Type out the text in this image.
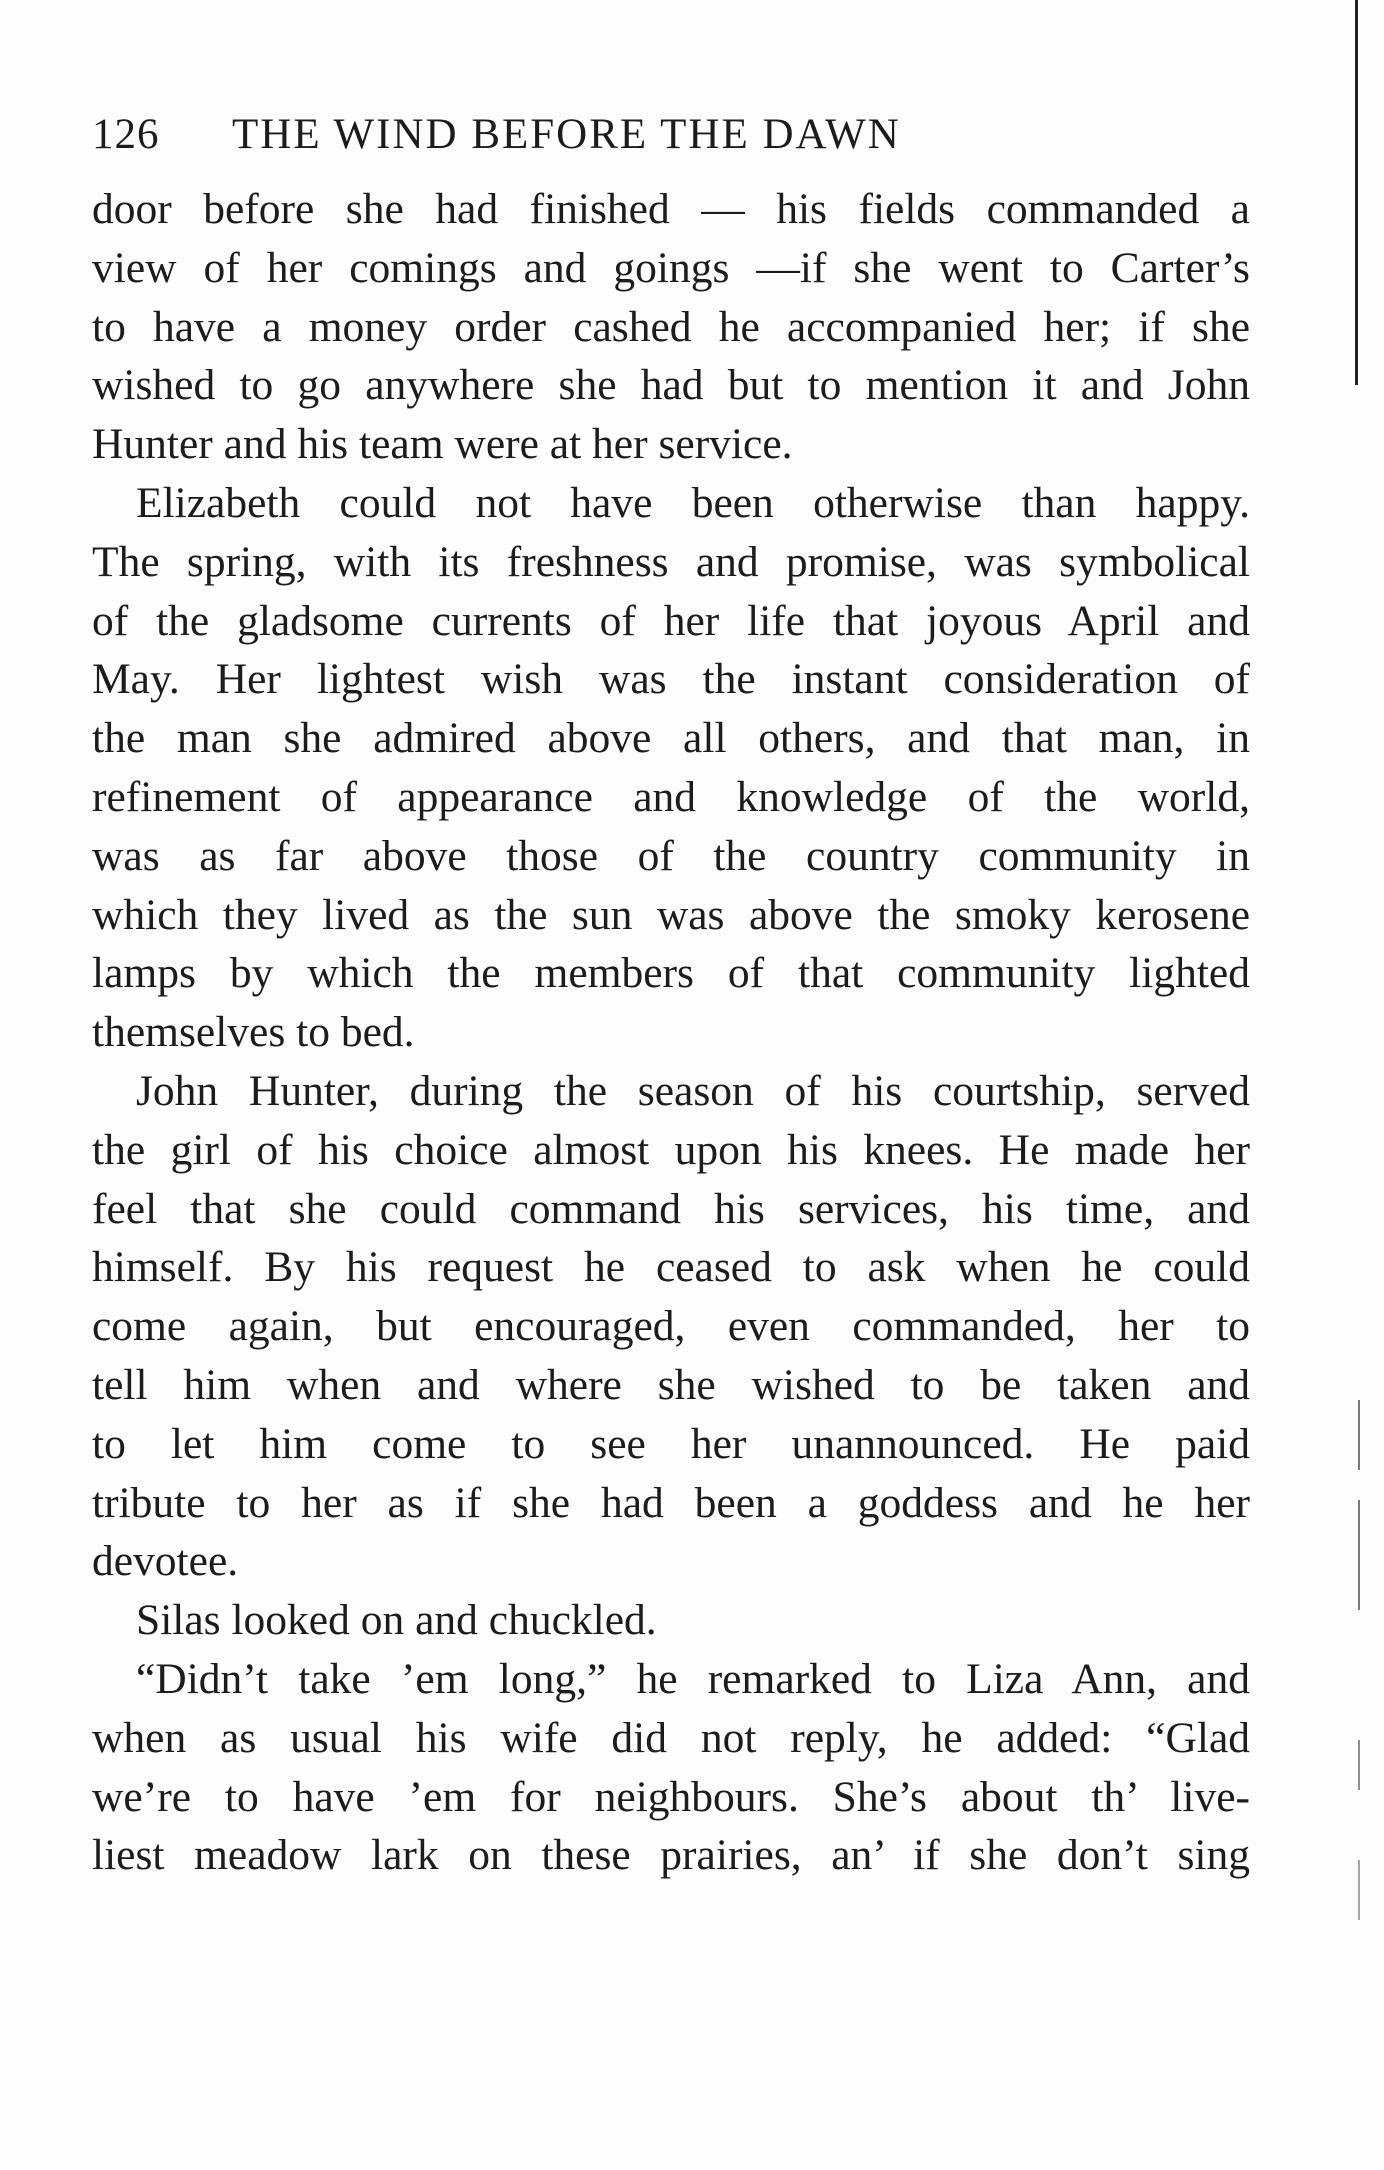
126	THE WIND BEFORE THE DAWN
door before she had finished — his fields commanded a
view of her comings and goings —if she went to Carter’s
to have a money order cashed he accompanied her; if she
wished to go anywhere she had but to mention it and John
Hunter and his team were at her service.
Elizabeth could not have been otherwise than happy.
The spring, with its freshness and promise, was symbolical
of the gladsome currents of her life that joyous April and
May. Her lightest wish was the instant consideration of
the man she admired above all others, and that man, in
refinement of appearance and knowledge of the world,
was as far above those of the country community in
which they lived as the sun was above the smoky kerosene
lamps by which the members of that community lighted
themselves to bed.
John Hunter, during the season of his courtship, served
the girl of his choice almost upon his knees. He made her
feel that she could command his services, his time, and
himself. By his request he ceased to ask when he could
come again, but encouraged, even commanded, her to
tell him when and where she wished to be taken and
to let him come to see her unannounced. He paid
tribute to her as if she had been a goddess and he her
devotee.
Silas looked on and chuckled.
“Didn’t take ’em long,” he remarked to Liza Ann, and
when as usual his wife did not reply, he added: “Glad
we’re to have ’em for neighbours. She’s about th’ live-
liest meadow lark on these prairies, an’ if she don’t sing
